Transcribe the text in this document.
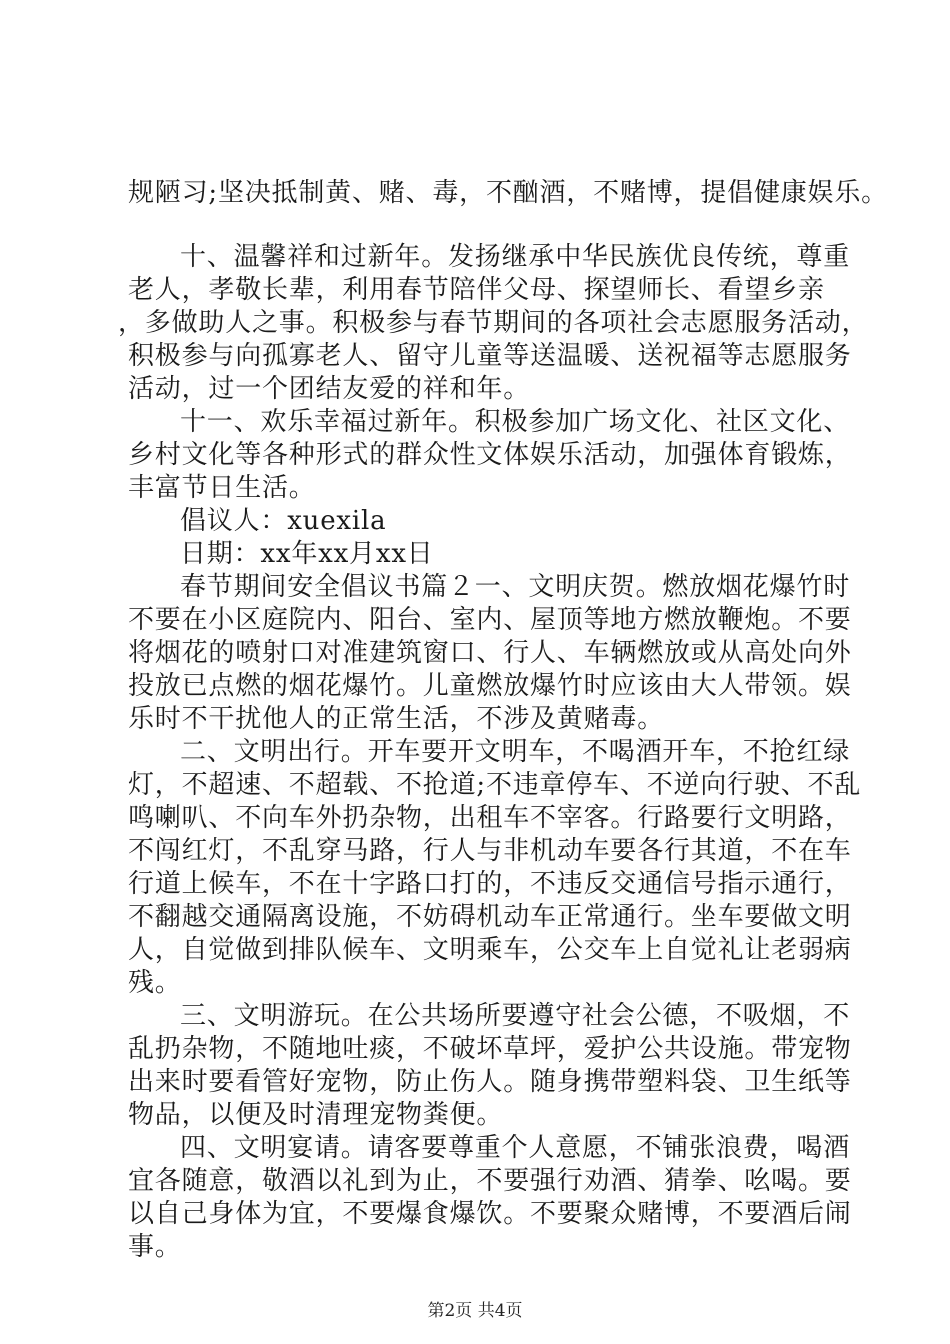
规陋习;坚决抵制黄、赌、毒，不酗酒，不赌博，提倡健康娱乐。
十、温馨祥和过新年。发扬继承中华民族优良传统，尊重
老人，孝敬长辈，利用春节陪伴父母、探望师长、看望乡亲
，多做助人之事。积极参与春节期间的各项社会志愿服务活动，
积极参与向孤寡老人、留守儿童等送温暖、送祝福等志愿服务
活动，过一个团结友爱的祥和年。
十一、欢乐幸福过新年。积极参加广场文化、社区文化、
乡村文化等各种形式的群众性文体娱乐活动，加强体育锻炼，
丰富节日生活。
倡议人：xuexila
日期：xx年xx月xx日
春节期间安全倡议书篇２一、文明庆贺。燃放烟花爆竹时
不要在小区庭院内、阳台、室内、屋顶等地方燃放鞭炮。不要
将烟花的喷射口对准建筑窗口、行人、车辆燃放或从高处向外
投放已点燃的烟花爆竹。儿童燃放爆竹时应该由大人带领。娱
乐时不干扰他人的正常生活，不涉及黄赌毒。
二、文明出行。开车要开文明车，不喝酒开车，不抢红绿
灯，不超速、不超载、不抢道;不违章停车、不逆向行驶、不乱
鸣喇叭、不向车外扔杂物，出租车不宰客。行路要行文明路，
不闯红灯，不乱穿马路，行人与非机动车要各行其道，不在车
行道上候车，不在十字路口打的，不违反交通信号指示通行，
不翻越交通隔离设施，不妨碍机动车正常通行。坐车要做文明
人，自觉做到排队候车、文明乘车，公交车上自觉礼让老弱病
残。
三、文明游玩。在公共场所要遵守社会公德，不吸烟，不
乱扔杂物，不随地吐痰，不破坏草坪，爱护公共设施。带宠物
出来时要看管好宠物，防止伤人。随身携带塑料袋、卫生纸等
物品，以便及时清理宠物粪便。
四、文明宴请。请客要尊重个人意愿，不铺张浪费，喝酒
宜各随意，敬酒以礼到为止，不要强行劝酒、猜拳、吆喝。要
以自己身体为宜，不要爆食爆饮。不要聚众赌博，不要酒后闹
事。
第2页 共4页
